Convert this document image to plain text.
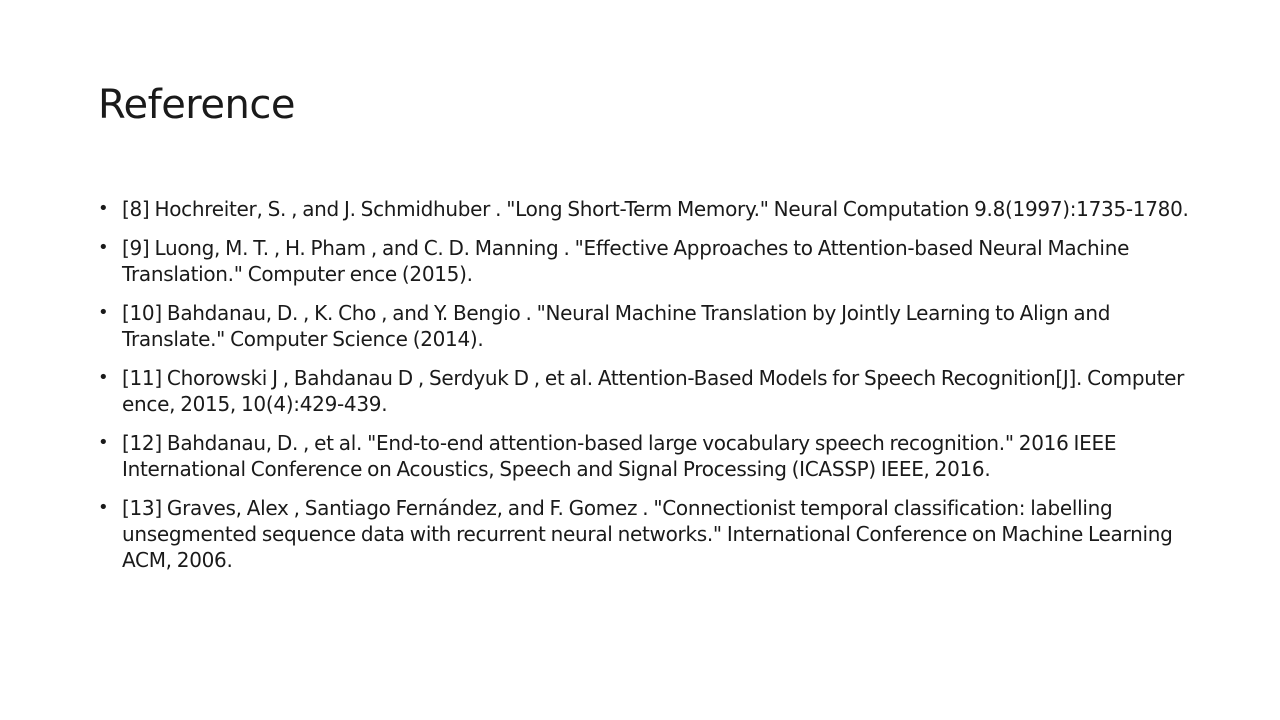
Reference
• [8] Hochreiter, S. , and J. Schmidhuber . "Long Short-Term Memory." Neural Computation 9.8(1997):1735-1780.
• [9] Luong, M. T. , H. Pham , and C. D. Manning . "Effective Approaches to Attention-based Neural Machine Translation." Computer ence (2015).
• [10] Bahdanau, D. , K. Cho , and Y. Bengio . "Neural Machine Translation by Jointly Learning to Align and Translate." Computer Science (2014).
• [11] Chorowski J , Bahdanau D , Serdyuk D , et al. Attention-Based Models for Speech Recognition[J]. Computer ence, 2015, 10(4):429-439.
• [12] Bahdanau, D. , et al. "End-to-end attention-based large vocabulary speech recognition." 2016 IEEE International Conference on Acoustics, Speech and Signal Processing (ICASSP) IEEE, 2016.
• [13] Graves, Alex , Santiago Fernández, and F. Gomez . "Connectionist temporal classification: labelling unsegmented sequence data with recurrent neural networks." International Conference on Machine Learning ACM, 2006.
